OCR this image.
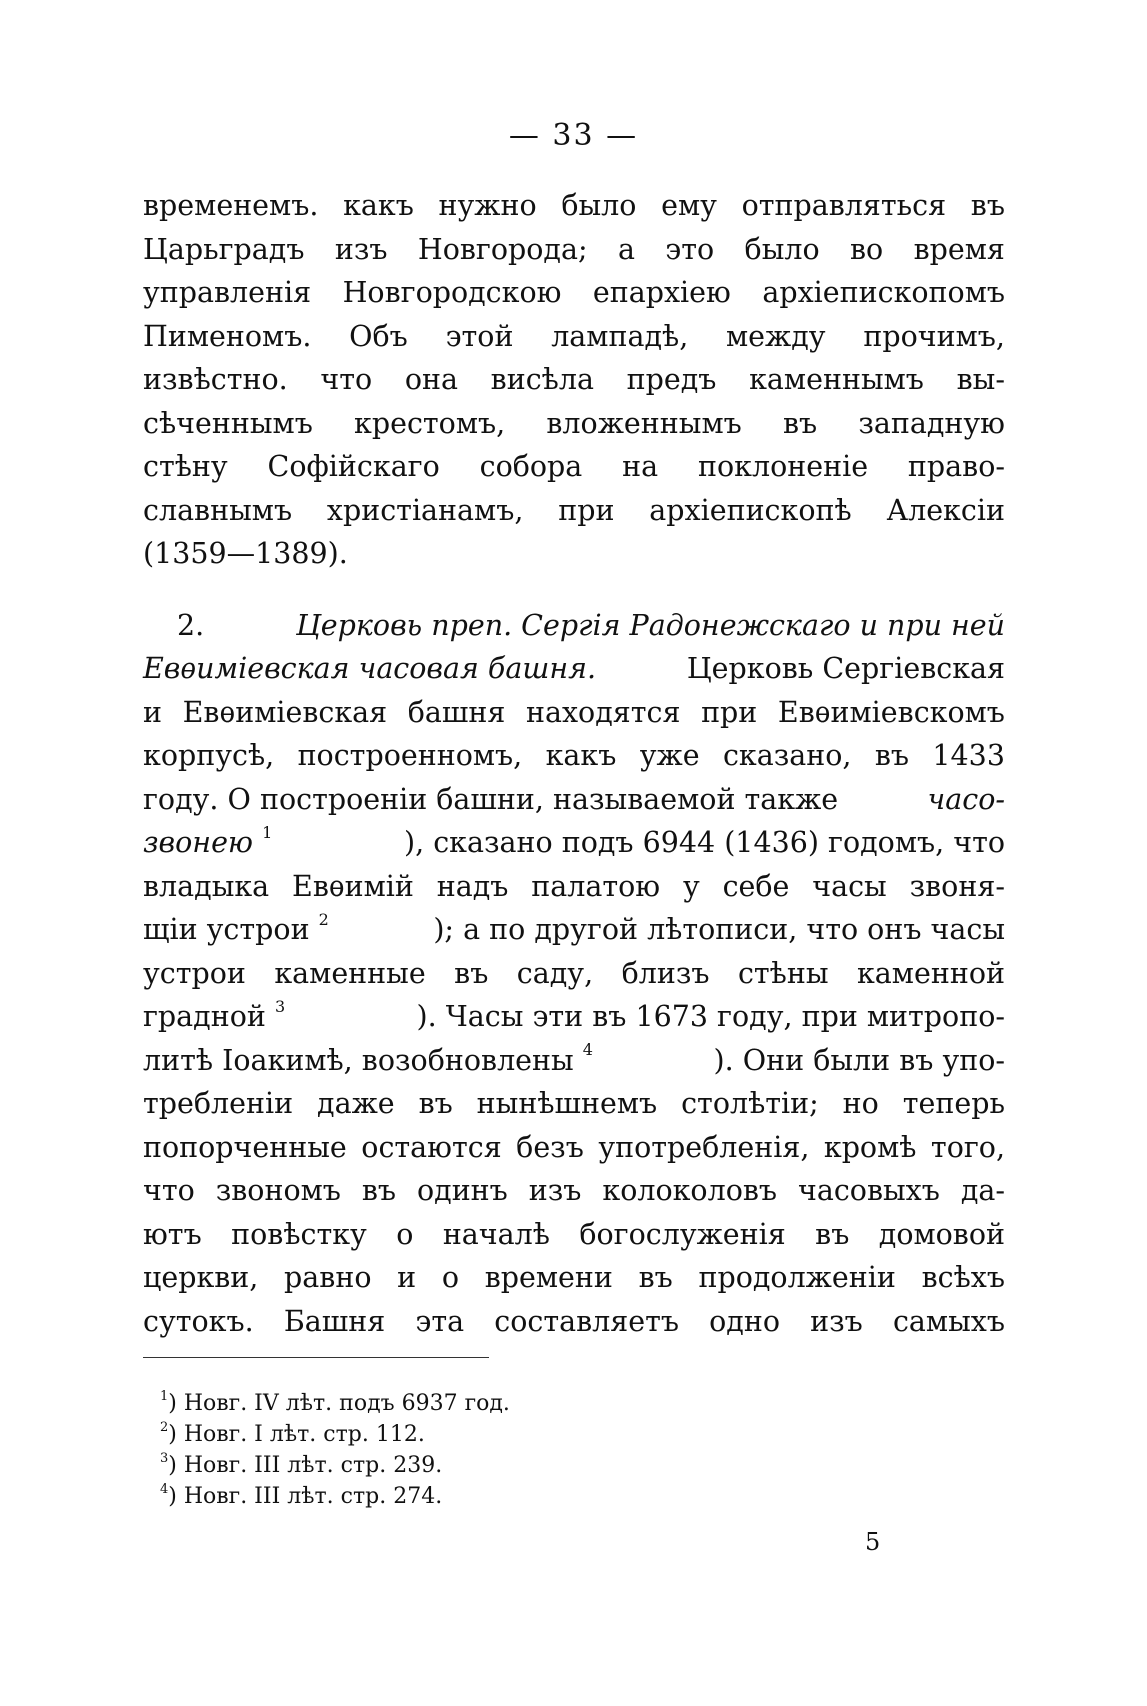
— 33 —
временемъ. какъ нужно было ему отправляться въ
Царьградъ изъ Новгорода; а это было во время
управленія Новгородскою епархіею архіепископомъ
Пименомъ. Объ этой лампадѣ, между прочимъ,
извѣстно. что она висѣла предъ каменнымъ вы-
сѣченнымъ крестомъ, вложеннымъ въ западную
стѣну Софійскаго собора на поклоненіе право-
славнымъ христіанамъ, при архіепископѣ Алексіи
(1359—1389).
2.	Церковь преп. Сергія Радонежскаго и при ней
Евѳиміевская часовая башня.	Церковь Сергіевская
и Евѳиміевская башня находятся при Евѳиміевскомъ
корпусѣ, построенномъ, какъ уже сказано, въ 1433
году. О построеніи башни, называемой также	часо-
звонею $^1$	), сказано подъ 6944 (1436) годомъ, что
владыка Евѳимій надъ палатою у себе часы звоня-
щіи устрои $^2$	); а по другой лѣтописи, что онъ часы
устрои каменные въ саду, близъ стѣны каменной
градной $^3$	). Часы эти въ 1673 году, при митропо-
литѣ Іоакимѣ, возобновлены $^4$	). Они были въ упо-
требленіи даже въ нынѣшнемъ столѣтіи; но теперь
попорченные остаются безъ употребленія, кромѣ того,
что звономъ въ одинъ изъ колоколовъ часовыхъ да-
ютъ повѣстку о началѣ богослуженія въ домовой
церкви, равно и о времени въ продолженіи всѣхъ
сутокъ. Башня эта составляетъ одно изъ самыхъ
$^1$) Новг. IV лѣт. подъ 6937 год.
$^2$) Новг. I лѣт. стр. 112.
$^3$) Новг. III лѣт. стр. 239.
$^4$) Новг. III лѣт. стр. 274.
5
